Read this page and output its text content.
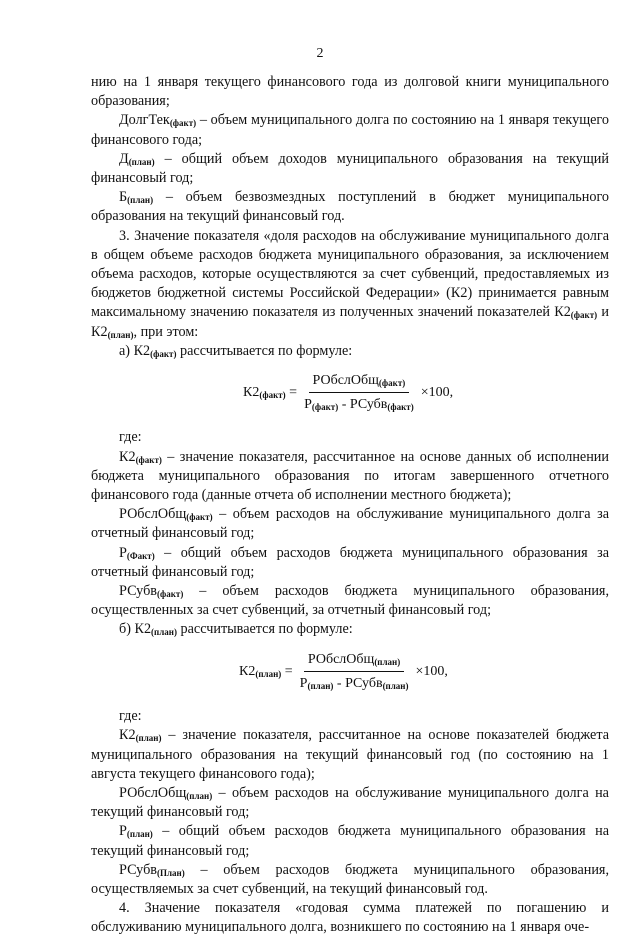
2

нию на 1 января текущего финансового года из долговой книги муниципального образования;

ДолгТек$_{(факт)}$ – объем муниципального долга по состоянию на 1 января текущего финансового года;

$Д_{(план)}$ – общий объем доходов муниципального образования на текущий финансовый год;

$Б_{(план)}$ – объем безвозмездных поступлений в бюджет муниципального образования на текущий финансовый год.

3. Значение показателя «доля расходов на обслуживание муниципального долга в общем объеме расходов бюджета муниципального образования, за исключением объема расходов, которые осуществляются за счет субвенций, предоставляемых из бюджетов бюджетной системы Российской Федерации» (К2) принимается равным максимальному значению показателя из полученных значений показателей $К2_{(факт)}$ и $К2_{(план)}$, при этом:

а) $К2_{(факт)}$ рассчитывается по формуле:

$К2_{(факт)} = \frac{РОбслОбщ_{(факт)}}{Р_{(факт)} - РСубв_{(факт)}} \times 100$,

где:

$К2_{(факт)}$ – значение показателя, рассчитанное на основе данных об исполнении бюджета муниципального образования по итогам завершенного отчетного финансового года (данные отчета об исполнении местного бюджета);

РОбслОбщ$_{(факт)}$ – объем расходов на обслуживание муниципального долга за отчетный финансовый год;

$Р_{(Факт)}$ – общий объем расходов бюджета муниципального образования за отчетный финансовый год;

РСубв$_{(факт)}$ – объем расходов бюджета муниципального образования, осуществленных за счет субвенций, за отчетный финансовый год;

б) $К2_{(план)}$ рассчитывается по формуле:

$К2_{(план)} = \frac{РОбслОбщ_{(план)}}{Р_{(план)} - РСубв_{(план)}} \times 100$,

где:

$К2_{(план)}$ – значение показателя, рассчитанное на основе показателей бюджета муниципального образования на текущий финансовый год (по состоянию на 1 августа текущего финансового года);

РОбслОбщ$_{(план)}$ – объем расходов на обслуживание муниципального долга на текущий финансовый год;

$Р_{(план)}$ – общий объем расходов бюджета муниципального образования на текущий финансовый год;

РСубв$_{(План)}$ – объем расходов бюджета муниципального образования, осуществляемых за счет субвенций, на текущий финансовый год.

4. Значение показателя «годовая сумма платежей по погашению и обслуживанию муниципального долга, возникшего по состоянию на 1 января оче-
